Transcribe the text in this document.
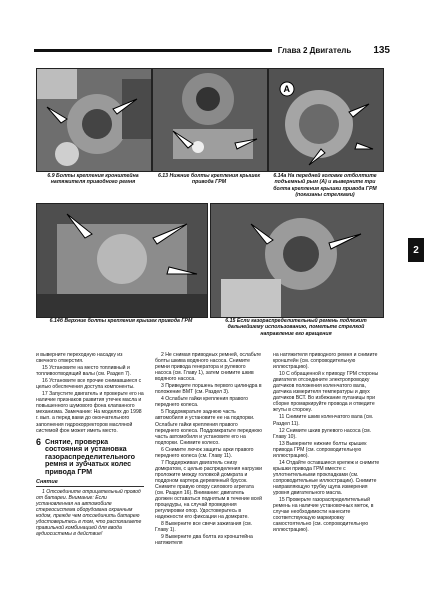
Глава 2 Двигатель 135
A
6.9 Болты крепления кронштейна натяжителя приводного ремня
6.13 Нижние болты крепления крышек привода ГРМ
6.14а На передней головке отболтите подъемный рым (A) и выверните три болта крепления крышки привода ГРМ (показаны стрелками)
6.14б Верхние болты крепления крышек привода ГРМ	6.15 Если газораспределительный ремень подлежит дальнейшему использованию, пометьте стрелкой направление его вращения
2

и выверните переходную насадку из свечного отверстия.

15 Установите на место топливный и топливоотводящий валы (см. Раздел 7).

16 Установите все прочие снимавшиеся с целью обеспечения доступа компоненты.

17 Запустите двигатель и проверьте его на наличие признаков развития утечек масла и повышенного шумового фона клапанного механизма. Замечание: На моделях до 1998 г. вып. а перед вами до окончательного заполнения гидрокорректоров масляной системой фон может иметь место.

6 Снятие, проверка состояния и установка газораспределительного ремня и зубчатых колес привода ГРМ
Снятие

1 Отсоедините отрицательный провод от батареи. Внимание: Если установленная на автомобиле стереосистема оборудована охранным кодом, прежде чем отсоединить батарею удостоверьтесь в том, что располагаете правильной комбинацией для ввода аудиосистемы в действие!

2 Не снимая приводных ремней, ослабьте болты шкива водяного насоса. Снимите ремни привода генератора и рулевого насоса (см. Главу 1), затем снимите шкив водяного насоса.

3 Приведите поршень первого цилиндра в положение ВМТ (см. Раздел 3).

4 Ослабьте гайки крепления правого переднего колеса.

5 Поддомкратьте заднюю часть автомобиля и установите ее на подпорки. Ослабьте гайки крепления правого переднего колеса. Поддомкратьте переднюю часть автомобиля и установите его на подпорки. Снимите колесо.

6 Снимите лючок защиты арки правого переднего колеса (см. Главу 11).

7 Поддерживая двигатель снизу домкратом, с целью распределения нагрузки проложите между головкой домкрата и поддоном картера деревянный брусок. Снимите правую опору силового агрегата (см. Раздел 16). Внимание: двигатель должен оставаться поднятым в течение всей процедуры, на случай проведения регулировки опор. Удостоверьтесь в надежности его фиксации на домкрате.

8 Выверните все свечи зажигания (см. Главу 1).

9 Выверните два болта из кронштейна натяжителя

на натяжителя приводного ремня и снимите кронштейн (см. сопроводительную иллюстрацию).

10 С обращенной к приводу ГРМ стороны двигателя отсоедините электропроводку датчиков положения коленчатого вала, датчика измерителя температуры и двух датчиков ВСТ. Во избежание путаницы при сборке промаркируйте провода и отведите жгуты в сторону.

11 Снимите шкив коленчатого вала (см. Раздел 11).

12 Снимите шкив рулевого насоса (см. Главу 10).

13 Выверните нижние болты крышек привода ГРМ (см. сопроводительную иллюстрацию).

14 Отдайте оставшиеся крепеж и снимите крышки привода ГРМ вместе с уплотнительными прокладками (см. сопроводительные иллюстрации). Снимите направляющую трубку щупа измерения уровня двигательного масла.

15 Проверьте газораспределительный ремень на наличие установочных меток, в случае необходимости нанесите соответствующую маркировку самостоятельно (см. сопроводительную иллюстрацию).
